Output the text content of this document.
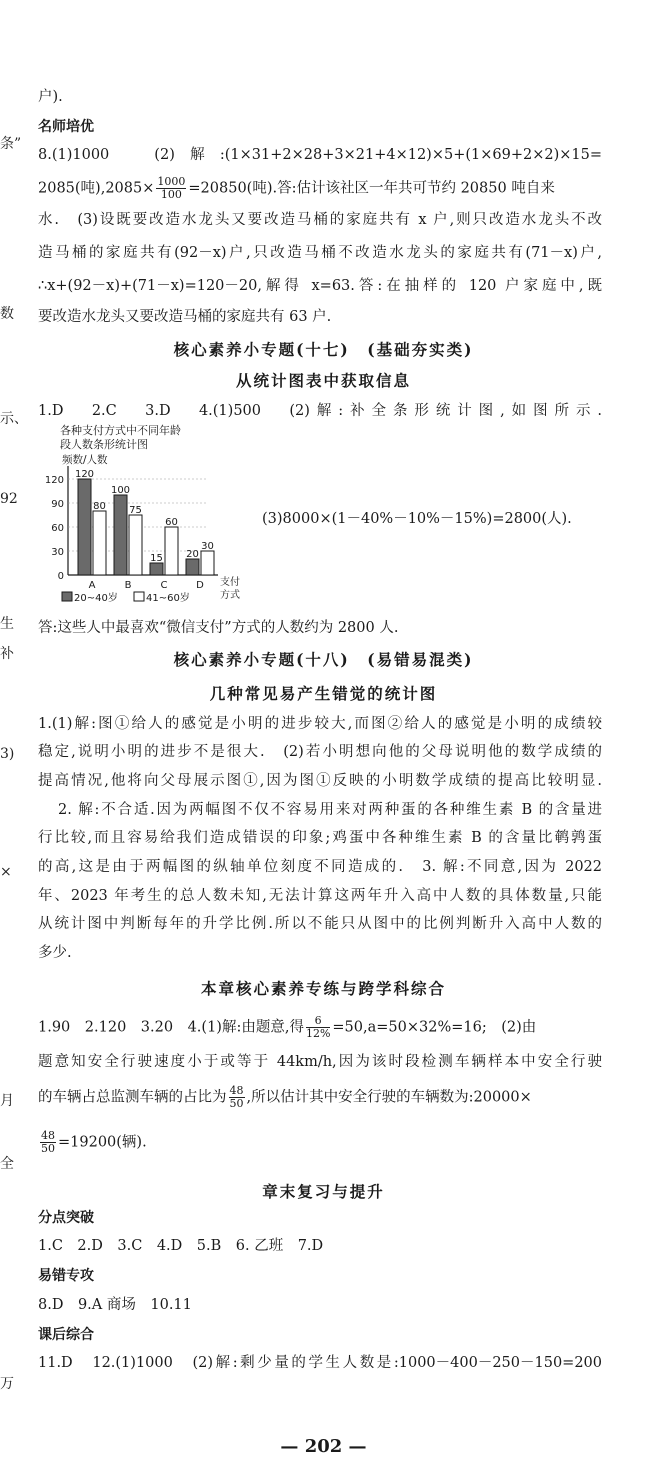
条”
数
示、
92
生
补
3)
×
月
全
万
户).
名师培优
8.(1)1000　(2)解:(1×31+2×28+3×21+4×12)×5+(1×69+2×2)×15=
2085(吨)$,2085\times \frac{1000}{100} =20850$(吨).答:估计该社区一年共可节约 20850 吨自来
水.　(3)设既要改造水龙头又要改造马桶的家庭共有 x 户,则只改造水龙头不改
造马桶的家庭共有(92－x)户,只改造马桶不改造水龙头的家庭共有(71－x)户,
∴x+(92－x)+(71－x)=120－20,解得 x=63.答:在抽样的 120 户家庭中,既
要改造水龙头又要改造马桶的家庭共有 63 户.
核心素养小专题(十七)　(基础夯实类)
从统计图表中获取信息
1.D　2.C　3.D　4.(1)500　(2)解:补全条形统计图,如图所示.
各种支付方式中不同年龄
段人数条形统计图
频数/人数
120
80
100
75
15
60
20
30
0
30
60
90
120
A	B	C	D 支付
方式
20~40岁	41~60岁
(3)8000×(1－40%－10%－15%)=2800(人).
答:这些人中最喜欢“微信支付”方式的人数约为 2800 人.
核心素养小专题(十八)　(易错易混类)
几种常见易产生错觉的统计图
1.(1)解:图①给人的感觉是小明的进步较大,而图②给人的感觉是小明的成绩较
稳定,说明小明的进步不是很大.　(2)若小明想向他的父母说明他的数学成绩的
提高情况,他将向父母展示图①,因为图①反映的小明数学成绩的提高比较明显.
2. 解:不合适.因为两幅图不仅不容易用来对两种蛋的各种维生素 B 的含量进
行比较,而且容易给我们造成错误的印象;鸡蛋中各种维生素 B 的含量比鹌鹑蛋
的高,这是由于两幅图的纵轴单位刻度不同造成的.　3. 解:不同意,因为 2022
年、2023 年考生的总人数未知,无法计算这两年升入高中人数的具体数量,只能
从统计图中判断每年的升学比例.所以不能只从图中的比例判断升入高中人数的
多少.
本章核心素养专练与跨学科综合
1.90　2.120　3.20　4.(1)解:由题意,得 $\frac{6}{12\%} =50,a=50\times 32\%=16$;　(2)由
题意知安全行驶速度小于或等于 44km/h,因为该时段检测车辆样本中安全行驶
的车辆占总监测车辆的占比为 $\frac{48}{50}$ ,所以估计其中安全行驶的车辆数为:20000×
$\frac{48}{50} =19200$(辆).
章末复习与提升
分点突破
1.C　2.D　3.C　4.D　5.B　6. 乙班　7.D
易错专攻
8.D　9.A 商场　10.11
课后综合
11.D　12.(1)1000　(2)解:剩少量的学生人数是:1000－400－250－150=200
— 202 —
